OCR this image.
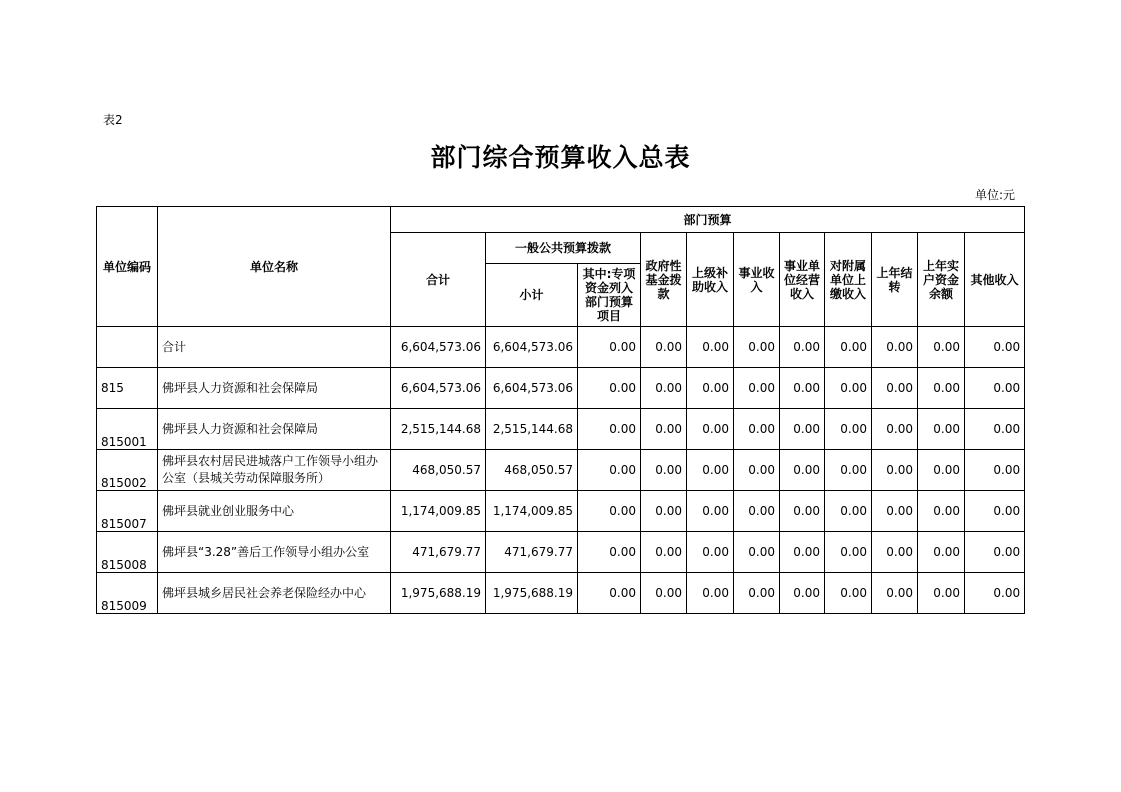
表2
部门综合预算收入总表
单位:元
单位编码	单位名称	部门预算										
		合计	一般公共预算拨款		政府性基金拨款	上级补助收入	事业收入	事业单位经营收入	对附属单位上缴收入	上年结转	上年实户资金余额	其他收入
			小计	其中:专项资金列入部门预算项目								
	合计	6,604,573.06	6,604,573.06	0.00	0.00	0.00	0.00	0.00	0.00	0.00	0.00	0.00
815	佛坪县人力资源和社会保障局	6,604,573.06	6,604,573.06	0.00	0.00	0.00	0.00	0.00	0.00	0.00	0.00	0.00
815001	佛坪县人力资源和社会保障局	2,515,144.68	2,515,144.68	0.00	0.00	0.00	0.00	0.00	0.00	0.00	0.00	0.00
815002	佛坪县农村居民进城落户工作领导小组办公室（县城关劳动保障服务所）	468,050.57	468,050.57	0.00	0.00	0.00	0.00	0.00	0.00	0.00	0.00	0.00
815007	佛坪县就业创业服务中心	1,174,009.85	1,174,009.85	0.00	0.00	0.00	0.00	0.00	0.00	0.00	0.00	0.00
815008	佛坪县“3.28”善后工作领导小组办公室	471,679.77	471,679.77	0.00	0.00	0.00	0.00	0.00	0.00	0.00	0.00	0.00
815009	佛坪县城乡居民社会养老保险经办中心	1,975,688.19	1,975,688.19	0.00	0.00	0.00	0.00	0.00	0.00	0.00	0.00	0.00
